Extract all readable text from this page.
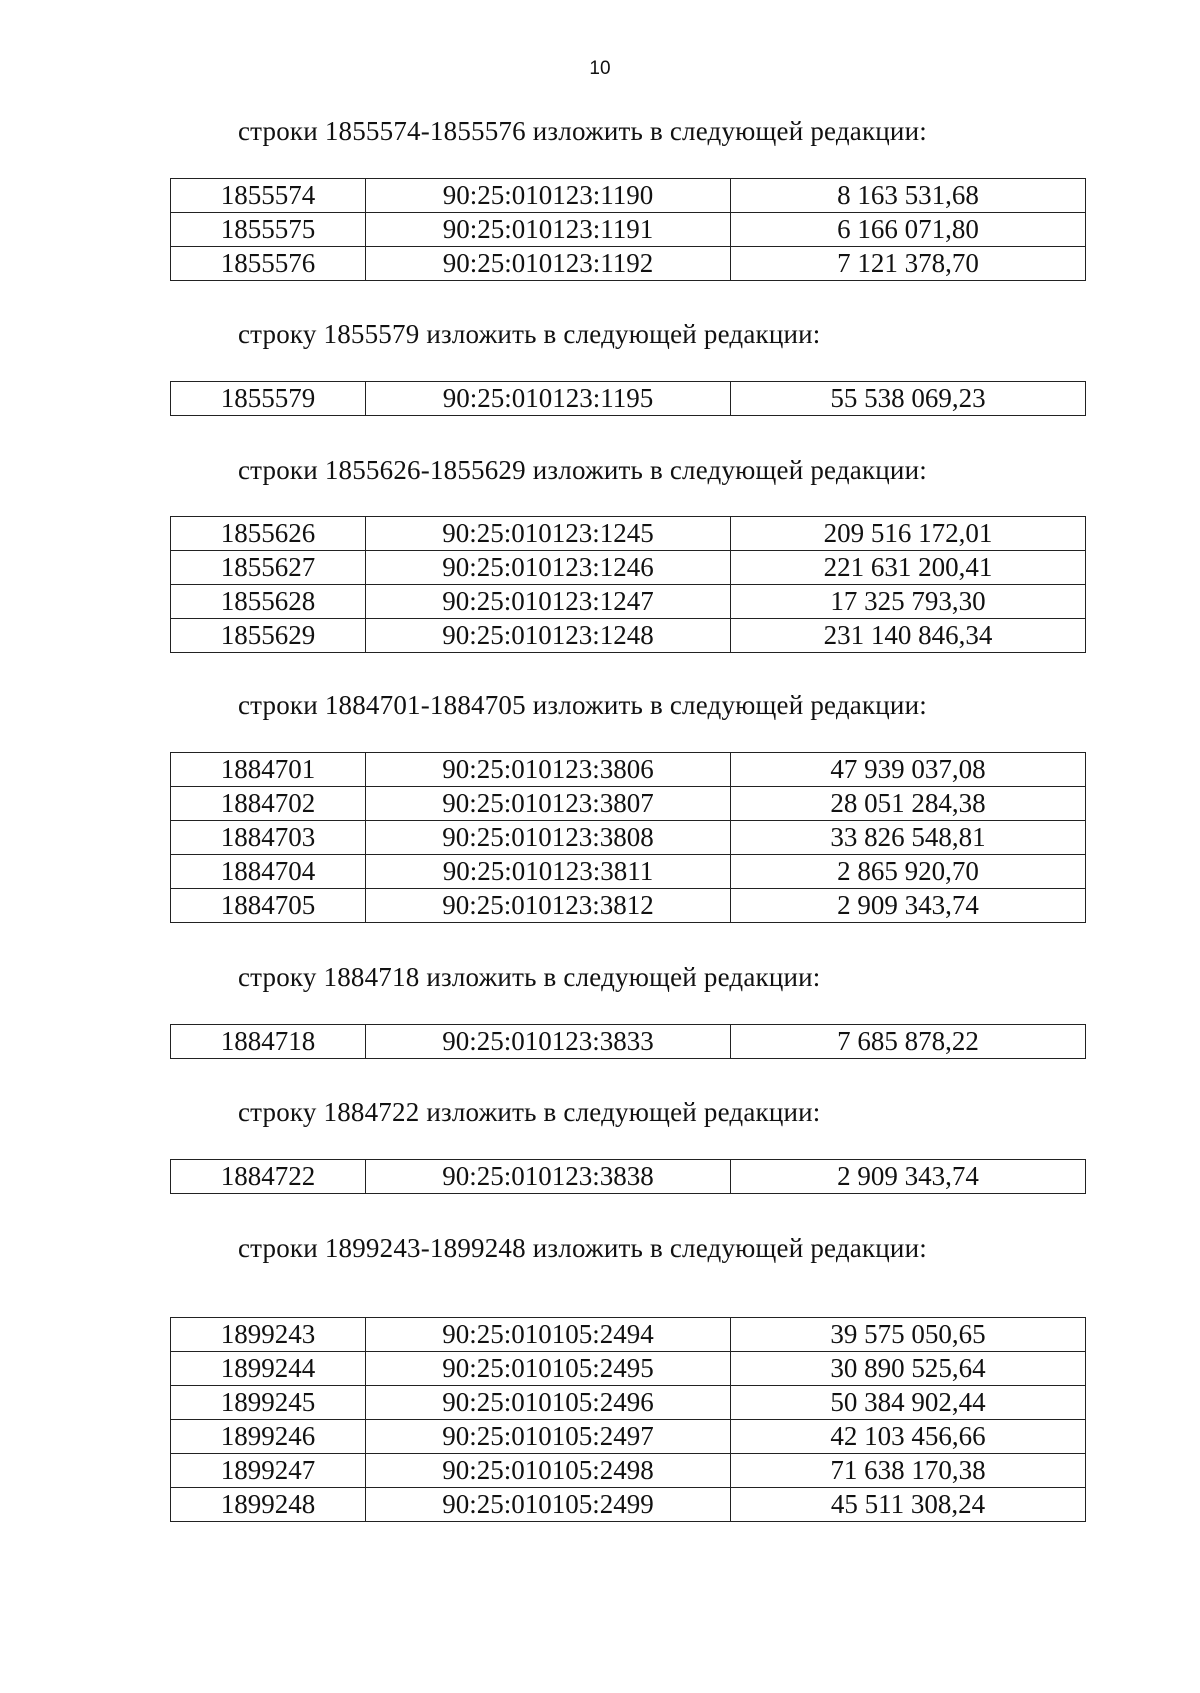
10
строки 1855574-1855576 изложить в следующей редакции:
1855574	90:25:010123:1190	8 163 531,68
1855575	90:25:010123:1191	6 166 071,80
1855576	90:25:010123:1192	7 121 378,70
строку 1855579 изложить в следующей редакции:
1855579	90:25:010123:1195	55 538 069,23
строки 1855626-1855629 изложить в следующей редакции:
1855626	90:25:010123:1245	209 516 172,01
1855627	90:25:010123:1246	221 631 200,41
1855628	90:25:010123:1247	17 325 793,30
1855629	90:25:010123:1248	231 140 846,34
строки 1884701-1884705 изложить в следующей редакции:
1884701	90:25:010123:3806	47 939 037,08
1884702	90:25:010123:3807	28 051 284,38
1884703	90:25:010123:3808	33 826 548,81
1884704	90:25:010123:3811	2 865 920,70
1884705	90:25:010123:3812	2 909 343,74
строку 1884718 изложить в следующей редакции:
1884718	90:25:010123:3833	7 685 878,22
строку 1884722 изложить в следующей редакции:
1884722	90:25:010123:3838	2 909 343,74
строки 1899243-1899248 изложить в следующей редакции:
1899243	90:25:010105:2494	39 575 050,65
1899244	90:25:010105:2495	30 890 525,64
1899245	90:25:010105:2496	50 384 902,44
1899246	90:25:010105:2497	42 103 456,66
1899247	90:25:010105:2498	71 638 170,38
1899248	90:25:010105:2499	45 511 308,24
